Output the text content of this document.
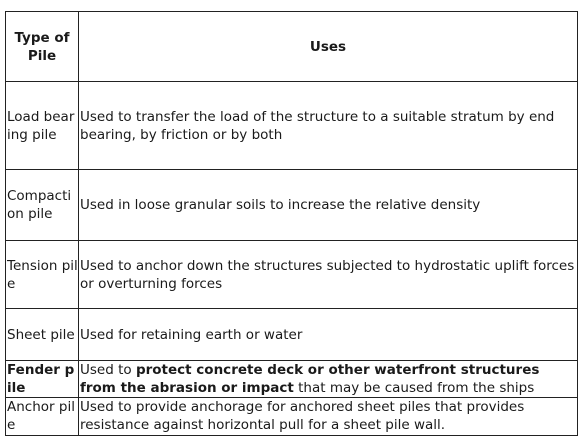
Type of Pile	Uses
Load bearing pile	Used to transfer the load of the structure to a suitable stratum by end bearing, by friction or by both
Compaction pile	Used in loose granular soils to increase the relative density
Tension pile	Used to anchor down the structures subjected to hydrostatic uplift forces or overturning forces
Sheet pile	Used for retaining earth or water
Fender pile	Used to protect concrete deck or other waterfront structures from the abrasion or impact that may be caused from the ships
Anchor pile	Used to provide anchorage for anchored sheet piles that provides resistance against horizontal pull for a sheet pile wall.
